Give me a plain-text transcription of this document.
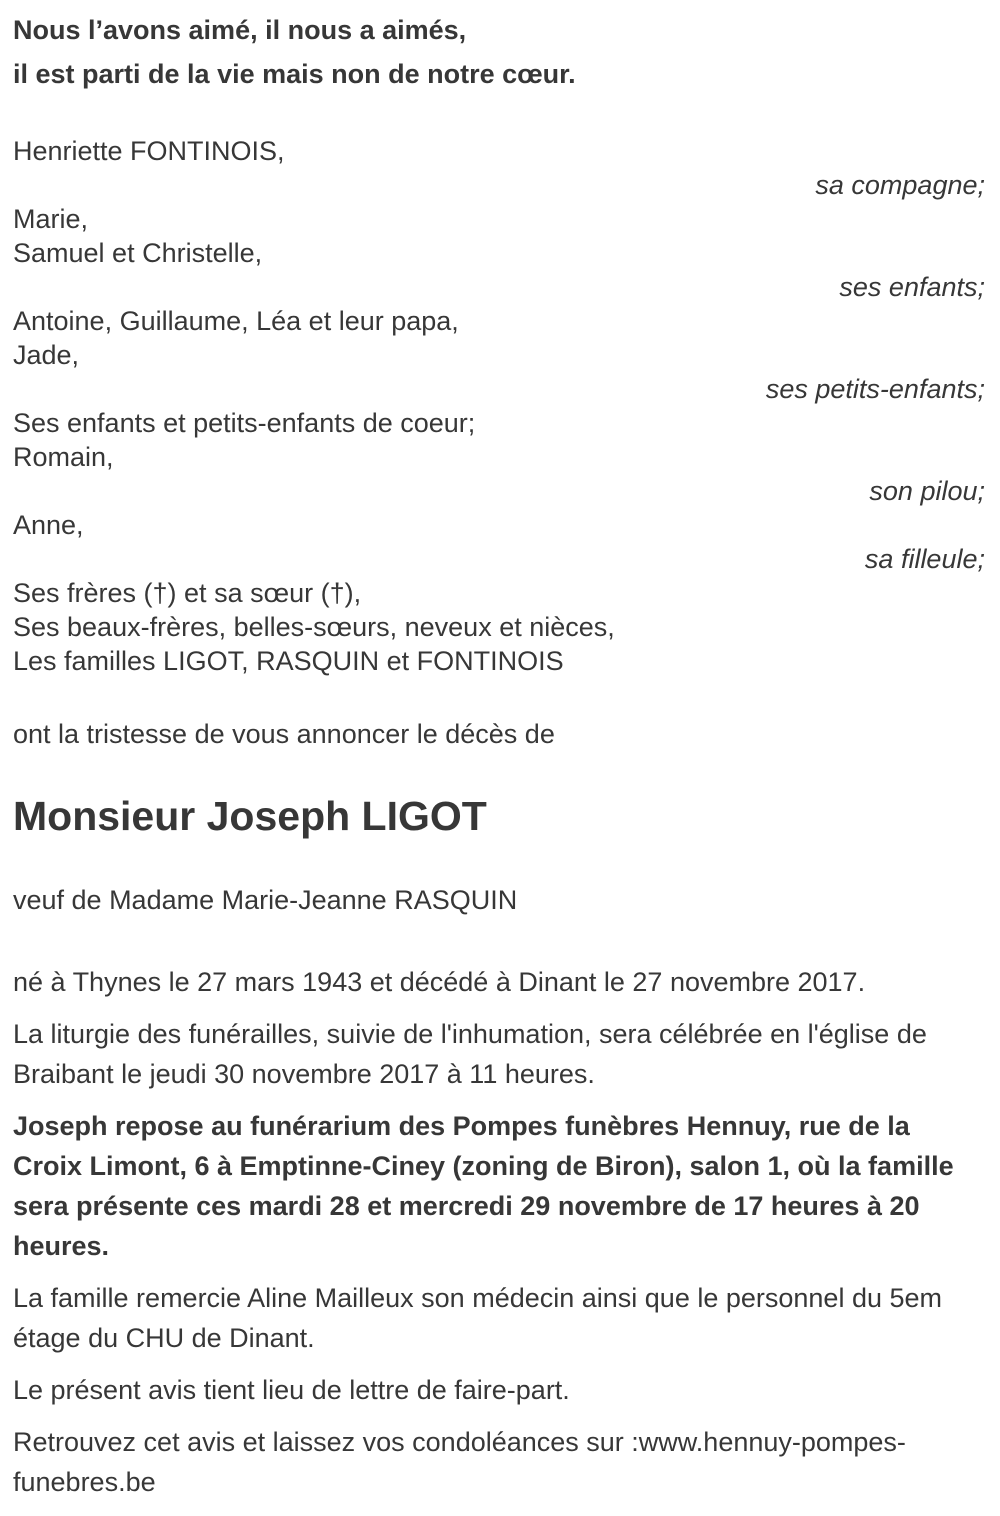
Nous l’avons aimé, il nous a aimés,
il est parti de la vie mais non de notre cœur.
Henriette FONTINOIS,
sa compagne;
Marie,
Samuel et Christelle,
ses enfants;
Antoine, Guillaume, Léa et leur papa,
Jade,
ses petits-enfants;
Ses enfants et petits-enfants de coeur;
Romain,
son pilou;
Anne,
sa filleule;
Ses frères (†) et sa sœur (†),
Ses beaux-frères, belles-sœurs, neveux et nièces,
Les familles LIGOT, RASQUIN et FONTINOIS

ont la tristesse de vous annoncer le décès de

Monsieur Joseph LIGOT

veuf de Madame Marie-Jeanne RASQUIN

né à Thynes le 27 mars 1943 et décédé à Dinant le 27 novembre 2017.

La liturgie des funérailles, suivie de l'inhumation, sera célébrée en l'église de Braibant le jeudi 30 novembre 2017 à 11 heures.

Joseph repose au funérarium des Pompes funèbres Hennuy, rue de la Croix Limont, 6 à Emptinne-Ciney (zoning de Biron), salon 1, où la famille sera présente ces mardi 28 et mercredi 29 novembre de 17 heures à 20 heures.

La famille remercie Aline Mailleux son médecin ainsi que le personnel du 5em étage du CHU de Dinant.

Le présent avis tient lieu de lettre de faire-part.

Retrouvez cet avis et laissez vos condoléances sur :www.hennuy-pompes-funebres.be
